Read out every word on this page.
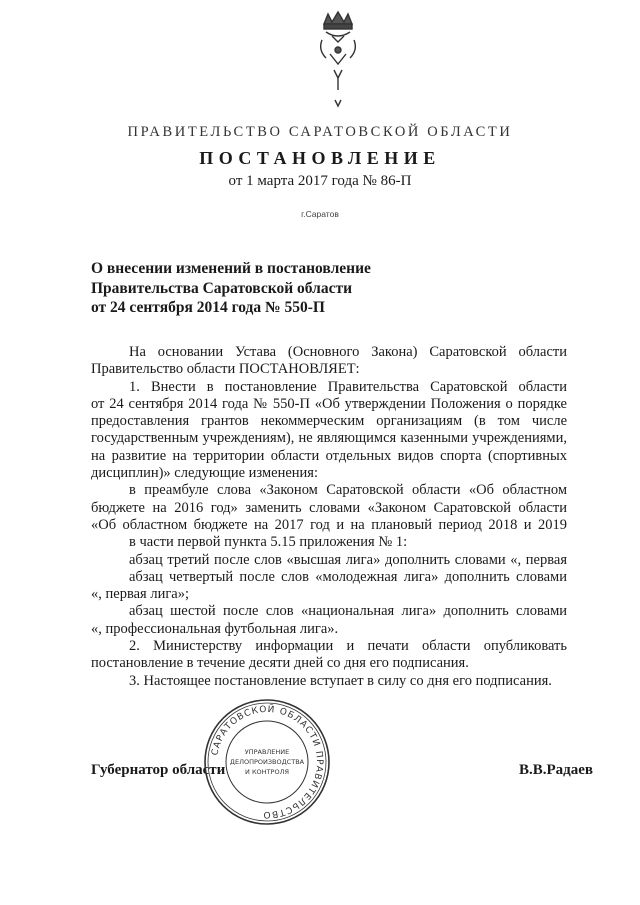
ПРАВИТЕЛЬСТВО САРАТОВСКОЙ ОБЛАСТИ
ПОСТАНОВЛЕНИЕ
от 1 марта 2017 года № 86-П
г.Саратов
О внесении изменений в постановление
Правительства Саратовской области
от 24 сентября 2014 года № 550-П
На основании Устава (Основного Закона) Саратовской области
Правительство области ПОСТАНОВЛЯЕТ:
1. Внести в постановление Правительства Саратовской области
от 24 сентября 2014 года № 550-П «Об утверждении Положения о порядке
предоставления грантов некоммерческим организациям (в том числе
государственным учреждениям), не являющимся казенными учреждениями,
на развитие на территории области отдельных видов спорта (спортивных
дисциплин)» следующие изменения:
в преамбуле слова «Законом Саратовской области «Об областном
бюджете на 2016 год» заменить словами «Законом Саратовской области
«Об областном бюджете на 2017 год и на плановый период 2018 и 2019
в части первой пункта 5.15 приложения № 1:
абзац третий после слов «высшая лига» дополнить словами «, первая
абзац четвертый после слов «молодежная лига» дополнить словами
«, первая лига»;
абзац шестой после слов «национальная лига» дополнить словами
«, профессиональная футбольная лига».
2. Министерству информации и печати области опубликовать
постановление в течение десяти дней со дня его подписания.
3. Настоящее постановление вступает в силу со дня его подписания.
Губернатор области	В.В.Радаев
САРАТОВСКОЙ ОБЛАСТИ ПРАВИТЕЛЬСТВО
УПРАВЛЕНИЕ
ДЕЛОПРОИЗВОДСТВА
И КОНТРОЛЯ
